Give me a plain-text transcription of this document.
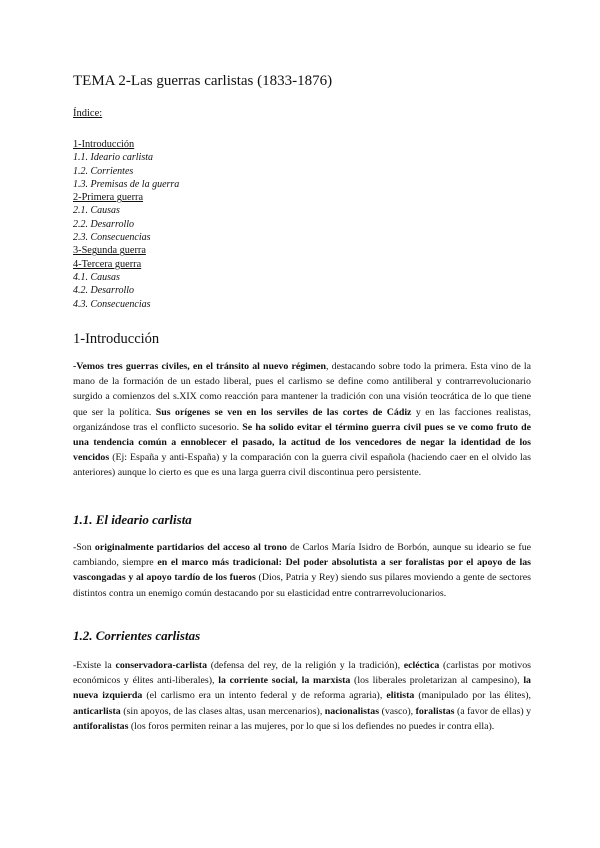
TEMA 2-Las guerras carlistas (1833-1876)
Índice:
1-Introducción
1.1. Ideario carlista
1.2. Corrientes
1.3. Premisas de la guerra
2-Primera guerra
2.1. Causas
2.2. Desarrollo
2.3. Consecuencias
3-Segunda guerra
4-Tercera guerra
4.1. Causas
4.2. Desarrollo
4.3. Consecuencias
1-Introducción
-Vemos tres guerras civiles, en el tránsito al nuevo régimen, destacando sobre todo la primera. Esta vino de la mano de la formación de un estado liberal, pues el carlismo se define como antiliberal y contrarrevolucionario surgido a comienzos del s.XIX como reacción para mantener la tradición con una visión teocrática de lo que tiene que ser la política. Sus orígenes se ven en los serviles de las cortes de Cádiz y en las facciones realistas, organizándose tras el conflicto sucesorio. Se ha solido evitar el término guerra civil pues se ve como fruto de una tendencia común a ennoblecer el pasado, la actitud de los vencedores de negar la identidad de los vencidos (Ej: España y anti-España) y la comparación con la guerra civil española (haciendo caer en el olvido las anteriores) aunque lo cierto es que es una larga guerra civil discontinua pero persistente.
1.1. El ideario carlista
-Son originalmente partidarios del acceso al trono de Carlos María Isidro de Borbón, aunque su ideario se fue cambiando, siempre en el marco más tradicional: Del poder absolutista a ser foralistas por el apoyo de las vascongadas y al apoyo tardío de los fueros (Dios, Patria y Rey) siendo sus pilares moviendo a gente de sectores distintos contra un enemigo común destacando por su elasticidad entre contrarrevolucionarios.
1.2. Corrientes carlistas
-Existe la conservadora-carlista (defensa del rey, de la religión y la tradición), ecléctica (carlistas por motivos económicos y élites anti-liberales), la corriente social, la marxista (los liberales proletarizan al campesino), la nueva izquierda (el carlismo era un intento federal y de reforma agraria), elitista (manipulado por las élites), anticarlista (sin apoyos, de las clases altas, usan mercenarios), nacionalistas (vasco), foralistas (a favor de ellas) y antiforalistas (los foros permiten reinar a las mujeres, por lo que si los defiendes no puedes ir contra ella).
